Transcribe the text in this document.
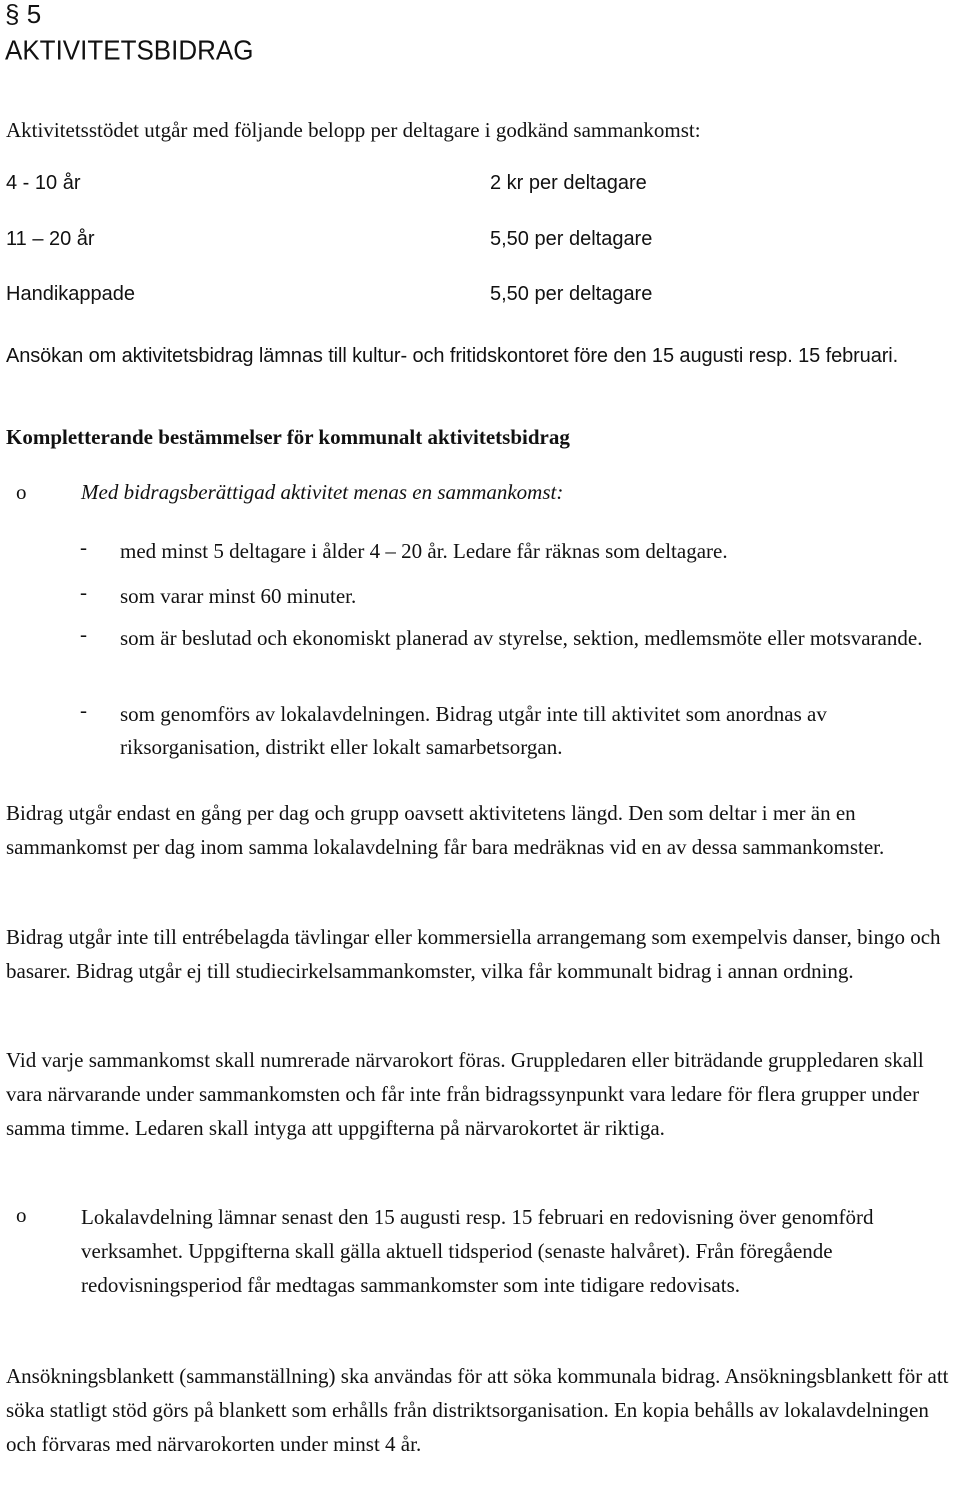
§ 5
AKTIVITETSBIDRAG
Aktivitetsstödet utgår med följande belopp per deltagare i godkänd sammankomst:
4 - 10 år	2 kr per deltagare
11 – 20 år	5,50 per deltagare
Handikappade	5,50 per deltagare
Ansökan om aktivitetsbidrag lämnas till kultur- och fritidskontoret före den 15 augusti resp. 15 februari.
Kompletterande bestämmelser för kommunalt aktivitetsbidrag
o	Med bidragsberättigad aktivitet menas en sammankomst:
- med minst 5 deltagare i ålder 4 – 20 år. Ledare får räknas som deltagare.
- som varar minst 60 minuter.
- som är beslutad och ekonomiskt planerad av styrelse, sektion, medlemsmöte eller motsvarande.
- som genomförs av lokalavdelningen. Bidrag utgår inte till aktivitet som anordnas av riksorganisation, distrikt eller lokalt samarbetsorgan.
Bidrag utgår endast en gång per dag och grupp oavsett aktivitetens längd. Den som deltar i mer än en sammankomst per dag inom samma lokalavdelning får bara medräknas vid en av dessa sammankomster.
Bidrag utgår inte till entrébelagda tävlingar eller kommersiella arrangemang som exempelvis danser, bingo och basarer. Bidrag utgår ej till studiecirkelsammankomster, vilka får kommunalt bidrag i annan ordning.
Vid varje sammankomst skall numrerade närvarokort föras. Gruppledaren eller biträdande gruppledaren skall vara närvarande under sammankomsten och får inte från bidragssynpunkt vara ledare för flera grupper under samma timme. Ledaren skall intyga att uppgifterna på närvarokortet är riktiga.
o	Lokalavdelning lämnar senast den 15 augusti resp. 15 februari en redovisning över genomförd verksamhet. Uppgifterna skall gälla aktuell tidsperiod (senaste halvåret). Från föregående redovisningsperiod får medtagas sammankomster som inte tidigare redovisats.
Ansökningsblankett (sammanställning) ska användas för att söka kommunala bidrag. Ansökningsblankett för att söka statligt stöd görs på blankett som erhålls från distriktsorganisation. En kopia behålls av lokalavdelningen och förvaras med närvarokorten under minst 4 år.
